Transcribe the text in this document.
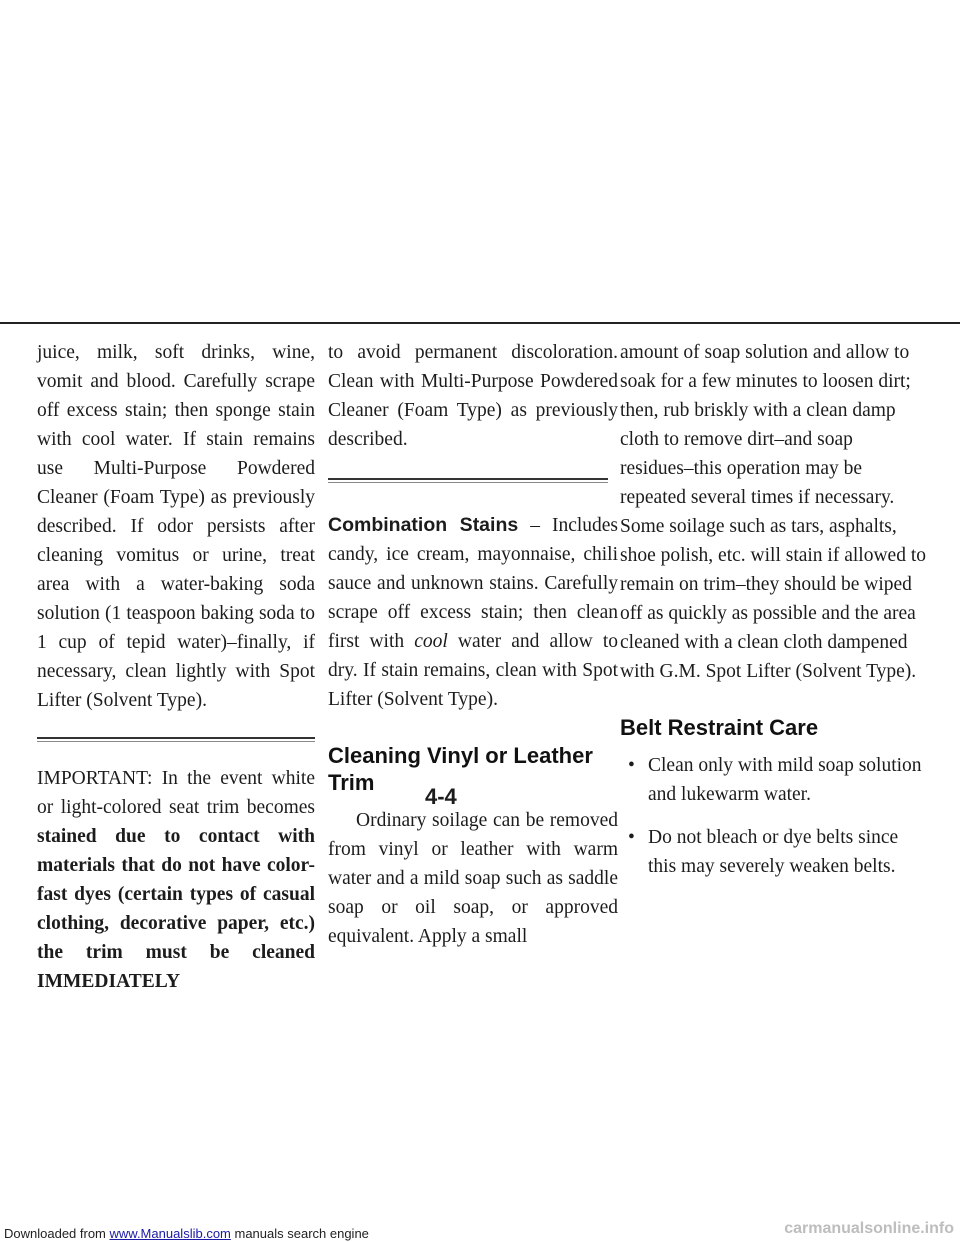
juice, milk, soft drinks, wine, vomit and blood. Carefully scrape off excess stain; then sponge stain with cool water. If stain remains use Multi-Purpose Powdered Cleaner (Foam Type) as previously described. If odor persists after cleaning vomitus or urine, treat area with a water-baking soda solution (1 teaspoon baking soda to 1 cup of tepid water)–finally, if necessary, clean lightly with Spot Lifter (Solvent Type).

IMPORTANT: In the event white or light-colored seat trim becomes stained due to contact with materials that do not have color-fast dyes (certain types of casual clothing, decorative paper, etc.) the trim must be cleaned IMMEDIATELY

to avoid permanent discoloration. Clean with Multi-Purpose Powdered Cleaner (Foam Type) as previously described.

Combination Stains – Includes candy, ice cream, mayonnaise, chili sauce and unknown stains. Carefully scrape off excess stain; then clean first with cool water and allow to dry. If stain remains, clean with Spot Lifter (Solvent Type).

Cleaning Vinyl or Leather Trim

Ordinary soilage can be removed from vinyl or leather with warm water and a mild soap such as saddle soap or oil soap, or approved equivalent. Apply a small

amount of soap solution and allow to soak for a few minutes to loosen dirt; then, rub briskly with a clean damp cloth to remove dirt–and soap residues–this operation may be repeated several times if necessary. Some soilage such as tars, asphalts, shoe polish, etc. will stain if allowed to remain on trim–they should be wiped off as quickly as possible and the area cleaned with a clean cloth dampened with G.M. Spot Lifter (Solvent Type).

Belt Restraint Care
• Clean only with mild soap solution and lukewarm water.
• Do not bleach or dye belts since this may severely weaken belts.
4-4
Downloaded from www.Manualslib.com manuals search engine	carmanualsonline.info
